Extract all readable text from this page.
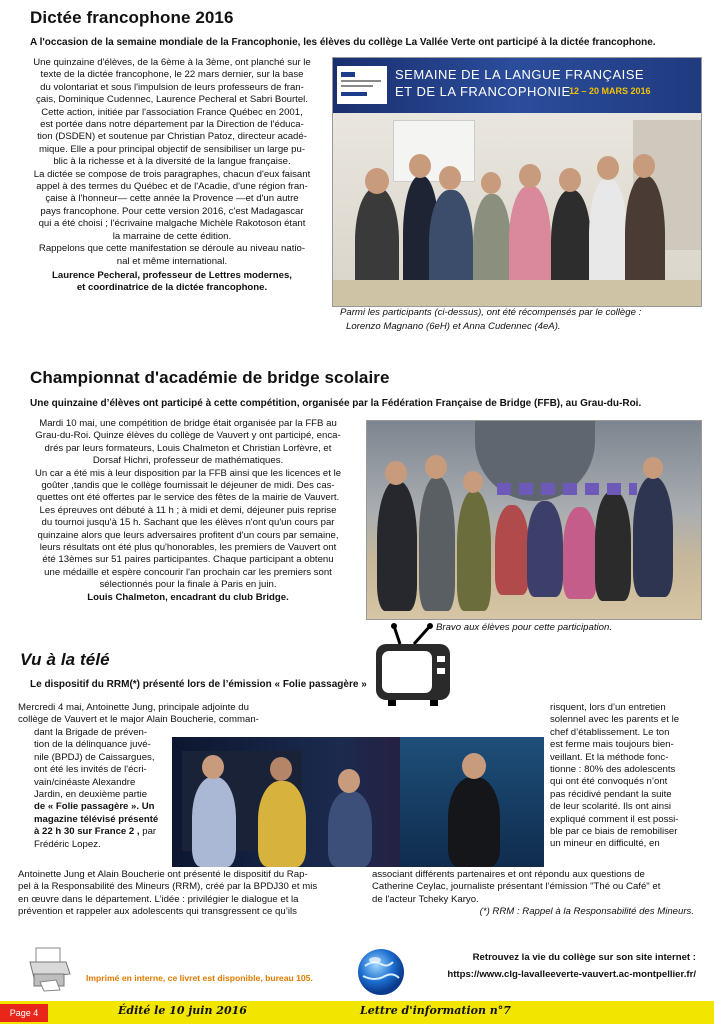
Dictée francophone 2016
A l'occasion de la semaine mondiale de la Francophonie, les élèves du collège La Vallée Verte ont participé à la dictée francophone.
Une quinzaine d'élèves, de la 6ème à la 3ème, ont planché sur le
texte de la dictée francophone, le 22 mars dernier, sur la base
du volontariat et sous l'impulsion de leurs professeurs de fran-
çais, Dominique Cudennec, Laurence Pecheral et Sabri Bourtel.
Cette action, initiée par l'association France Québec en 2001,
est portée dans notre département par la Direction de l'éduca-
tion (DSDEN) et soutenue par Christian Patoz, directeur acadé-
mique. Elle a pour principal objectif de sensibiliser un large pu-
blic à la richesse et à la diversité de la langue française.
La dictée se compose de trois paragraphes, chacun d'eux faisant
appel à des termes du Québec et de l'Acadie, d'une région fran-
çaise à l'honneur— cette année la Provence —et d'un autre
pays francophone. Pour cette version 2016, c'est Madagascar
qui a été choisi ; l'écrivaine malgache Michèle Rakotoson étant
la marraine de cette édition.
Rappelons que cette manifestation se déroule au niveau natio-
nal et même international.
Laurence Pecheral, professeur de Lettres modernes,
et coordinatrice de la dictée francophone.
SEMAINE DE LA LANGUE FRANÇAISE
ET DE LA FRANCOPHONIE
12 – 20 MARS 2016
Parmi les participants (ci-dessus), ont été récompensés par le collège :
Lorenzo Magnano (6eH) et Anna Cudennec (4eA).
Championnat d'académie de bridge scolaire
Une quinzaine d’élèves ont participé à cette compétition, organisée par la Fédération Française de Bridge (FFB), au Grau-du-Roi.
Mardi 10 mai, une compétition de bridge était organisée par la FFB au
Grau-du-Roi. Quinze élèves du collège de Vauvert y ont participé, enca-
drés par leurs formateurs, Louis Chalmeton et Christian Lorfèvre, et
Dorsaf Hichri, professeur de mathématiques.
Un car a été mis à leur disposition par la FFB ainsi que les licences et le
goûter ,tandis que le collège fournissait le déjeuner de midi. Des cas-
quettes ont été offertes par le service des fêtes de la mairie de Vauvert.
Les épreuves ont débuté à 11 h ; à midi et demi, déjeuner puis reprise
du tournoi jusqu'à 15 h. Sachant que les élèves n'ont qu'un cours par
quinzaine alors que leurs adversaires profitent d'un cours par semaine,
leurs résultats ont été plus qu'honorables, les premiers de Vauvert ont
été 13èmes sur 51 paires participantes. Chaque participant a obtenu
une médaille et espère concourir l'an prochain car les premiers sont
sélectionnés pour la finale à Paris en juin.
Louis Chalmeton, encadrant du club Bridge.
Bravo aux élèves pour cette participation.
Vu à la télé
Le dispositif du RRM(*) présenté lors de l’émission « Folie passagère »
Mercredi 4 mai, Antoinette Jung, principale adjointe du
collège de Vauvert et le major Alain Boucherie, comman-
dant la Brigade de préven-
tion de la délinquance juvé-
nile (BPDJ) de Caissargues,
ont été les invités de l'écri-
vain/cinéaste Alexandre
Jardin, en deuxième partie
de « Folie passagère ». Un
magazine télévisé présenté
à 22 h 30 sur France 2 , par
Frédéric Lopez.
risquent, lors d’un entretien
solennel avec les parents et le
chef d’établissement. Le ton
est ferme mais toujours bien-
veillant. Et la méthode fonc-
tionne : 80% des adolescents
qui ont été convoqués n’ont
pas récidivé pendant la suite
de leur scolarité. Ils ont ainsi
expliqué comment il est possi-
ble par ce biais de remobiliser
un mineur en difficulté, en
Antoinette Jung et Alain Boucherie ont présenté le dispositif du Rap-
pel à la Responsabilité des Mineurs (RRM), créé par la BPDJ30 et mis
en œuvre dans le département. L’idée : privilégier le dialogue et la
prévention et rappeler aux adolescents qui transgressent ce qu’ils
associant différents partenaires et ont répondu aux questions de
Catherine Ceylac, journaliste présentant l’émission "Thé ou Café" et
de l'acteur Tcheky Karyo.
(*) RRM : Rappel à la Responsabilité des Mineurs.
Imprimé en interne, ce livret est disponible, bureau 105.
Retrouvez la vie du collège sur son site internet :
https://www.clg-lavalleeverte-vauvert.ac-montpellier.fr/
Page 4	Édité le 10 juin 2016	Lettre d'information n°7
